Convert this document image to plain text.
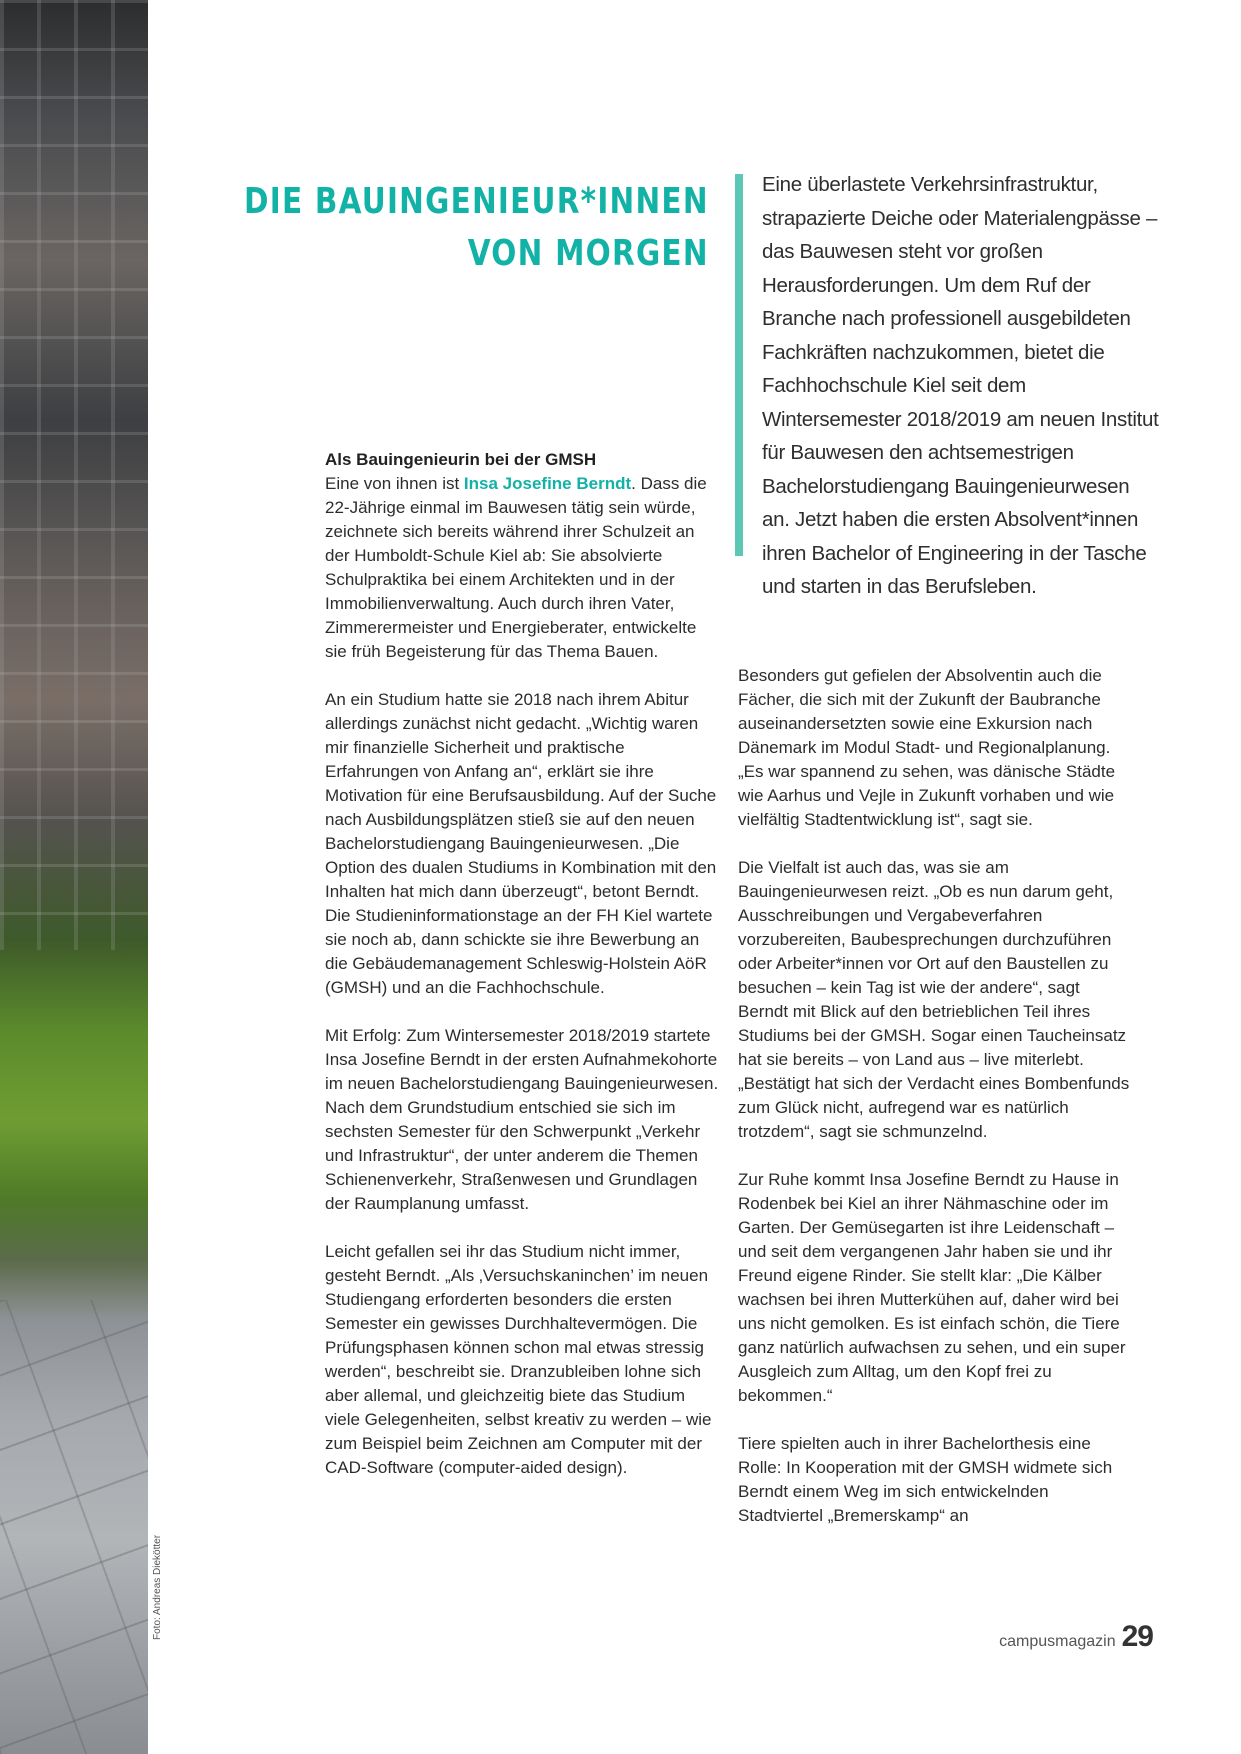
Foto: Andreas Diekötter
DIE BAUINGENIEUR*INNEN
VON MORGEN
Eine überlastete Verkehrsinfrastruktur, strapazierte Deiche oder Materialengpässe – das Bauwesen steht vor großen Herausforderungen. Um dem Ruf der Branche nach professionell ausgebildeten Fachkräften nachzukommen, bietet die Fachhochschule Kiel seit dem Wintersemester 2018/2019 am neuen Institut für Bauwesen den achtsemestrigen Bachelorstudiengang Bauingenieurwesen an. Jetzt haben die ersten Absolvent*innen ihren Bachelor of Engineering in der Tasche und starten in das Berufsleben.

Als Bauingenieurin bei der GMSH
Eine von ihnen ist Insa Josefine Berndt. Dass die 22-Jährige einmal im Bauwesen tätig sein würde, zeichnete sich bereits während ihrer Schulzeit an der Humboldt-Schule Kiel ab: Sie absolvierte Schulpraktika bei einem Architekten und in der Immobilienverwaltung. Auch durch ihren Vater, Zimmerermeister und Energieberater, entwickelte sie früh Begeisterung für das Thema Bauen.

An ein Studium hatte sie 2018 nach ihrem Abitur allerdings zunächst nicht gedacht. „Wichtig waren mir finanzielle Sicherheit und praktische Erfahrungen von Anfang an“, erklärt sie ihre Motivation für eine Berufsausbildung. Auf der Suche nach Ausbildungsplätzen stieß sie auf den neuen Bachelorstudiengang Bauingenieurwesen. „Die Option des dualen Studiums in Kombination mit den Inhalten hat mich dann überzeugt“, betont Berndt. Die Studieninformationstage an der FH Kiel wartete sie noch ab, dann schickte sie ihre Bewerbung an die Gebäudemanagement Schleswig-Holstein AöR (GMSH) und an die Fachhochschule.

Mit Erfolg: Zum Wintersemester 2018/2019 startete Insa Josefine Berndt in der ersten Aufnahmekohorte im neuen Bachelorstudiengang Bauingenieurwesen. Nach dem Grundstudium entschied sie sich im sechsten Semester für den Schwerpunkt „Verkehr und Infrastruktur“, der unter anderem die Themen Schienenverkehr, Straßenwesen und Grundlagen der Raumplanung umfasst.

Leicht gefallen sei ihr das Studium nicht immer, gesteht Berndt. „Als ‚Versuchskaninchen’ im neuen Studiengang erforderten besonders die ersten Semester ein gewisses Durchhaltevermögen. Die Prüfungsphasen können schon mal etwas stressig werden“, beschreibt sie. Dranzubleiben lohne sich aber allemal, und gleichzeitig biete das Studium viele Gelegenheiten, selbst kreativ zu werden – wie zum Beispiel beim Zeichnen am Computer mit der CAD-Software (computer-aided design).

Besonders gut gefielen der Absolventin auch die Fächer, die sich mit der Zukunft der Baubranche auseinandersetzten sowie eine Exkursion nach Dänemark im Modul Stadt- und Regionalplanung. „Es war spannend zu sehen, was dänische Städte wie Aarhus und Vejle in Zukunft vorhaben und wie vielfältig Stadtentwicklung ist“, sagt sie.

Die Vielfalt ist auch das, was sie am Bauingenieurwesen reizt. „Ob es nun darum geht, Ausschreibungen und Vergabeverfahren vorzubereiten, Baubesprechungen durchzuführen oder Arbeiter*innen vor Ort auf den Baustellen zu besuchen – kein Tag ist wie der andere“, sagt Berndt mit Blick auf den betrieblichen Teil ihres Studiums bei der GMSH. Sogar einen Taucheinsatz hat sie bereits – von Land aus – live miterlebt. „Bestätigt hat sich der Verdacht eines Bombenfunds zum Glück nicht, aufregend war es natürlich trotzdem“, sagt sie schmunzelnd.

Zur Ruhe kommt Insa Josefine Berndt zu Hause in Rodenbek bei Kiel an ihrer Nähmaschine oder im Garten. Der Gemüsegarten ist ihre Leidenschaft – und seit dem vergangenen Jahr haben sie und ihr Freund eigene Rinder. Sie stellt klar: „Die Kälber wachsen bei ihren Mutterkühen auf, daher wird bei uns nicht gemolken. Es ist einfach schön, die Tiere ganz natürlich aufwachsen zu sehen, und ein super Ausgleich zum Alltag, um den Kopf frei zu bekommen.“

Tiere spielten auch in ihrer Bachelorthesis eine Rolle: In Kooperation mit der GMSH widmete sich Berndt einem Weg im sich entwickelnden Stadtviertel „Bremerskamp“ an

campusmagazin 29
